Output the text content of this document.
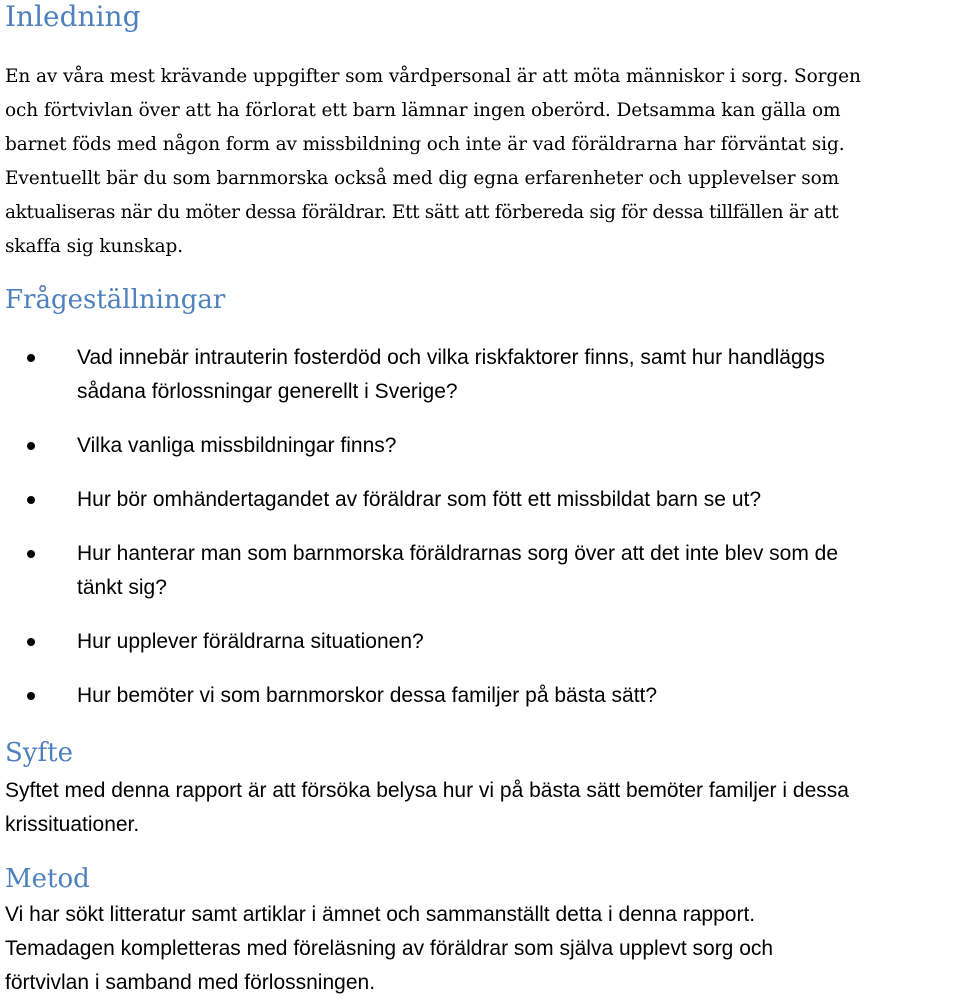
Inledning

En av våra mest krävande uppgifter som vårdpersonal är att möta människor i sorg. Sorgen

och förtvivlan över att ha förlorat ett barn lämnar ingen oberörd. Detsamma kan gälla om

barnet föds med någon form av missbildning och inte är vad föräldrarna har förväntat sig.

Eventuellt bär du som barnmorska också med dig egna erfarenheter och upplevelser som

aktualiseras när du möter dessa föräldrar. Ett sätt att förbereda sig för dessa tillfällen är att

skaffa sig kunskap.

Frågeställningar
Vad innebär intrauterin fosterdöd och vilka riskfaktorer finns, samt hur handläggs
sådana förlossningar generellt i Sverige?
Vilka vanliga missbildningar finns?
Hur bör omhändertagandet av föräldrar som fött ett missbildat barn se ut?
Hur hanterar man som barnmorska föräldrarnas sorg över att det inte blev som de
tänkt sig?
Hur upplever föräldrarna situationen?
Hur bemöter vi som barnmorskor dessa familjer på bästa sätt?
Syfte

Syftet med denna rapport är att försöka belysa hur vi på bästa sätt bemöter familjer i dessa

krissituationer.

Metod

Vi har sökt litteratur samt artiklar i ämnet och sammanställt detta i denna rapport.

Temadagen kompletteras med föreläsning av föräldrar som själva upplevt sorg och

förtvivlan i samband med förlossningen.
